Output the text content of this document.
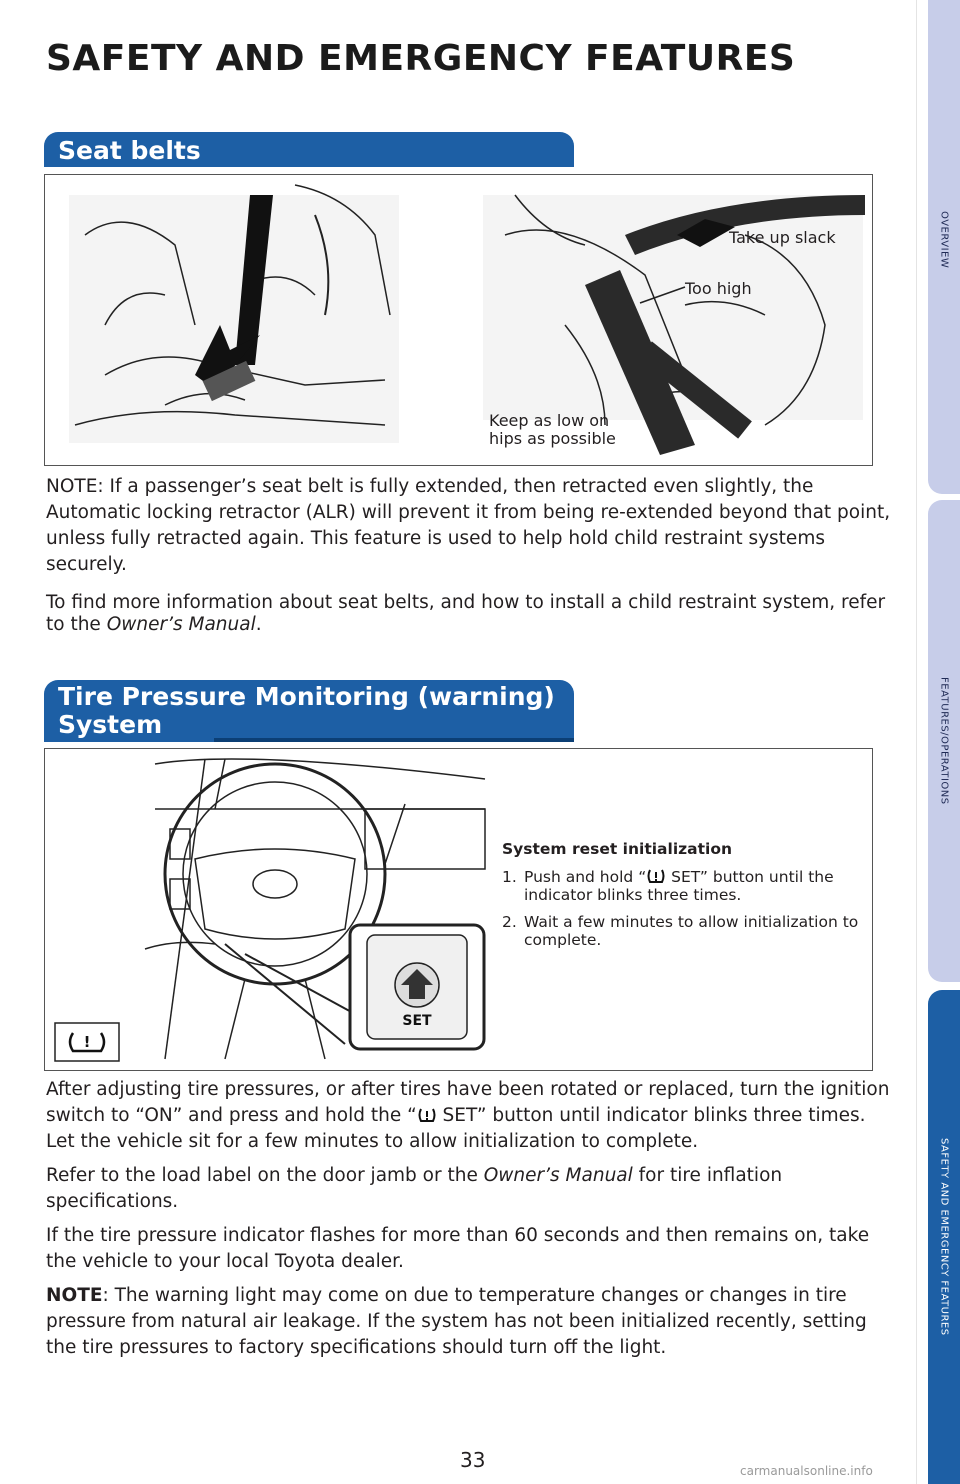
OVERVIEW
FEATURES/OPERATIONS
SAFETY AND EMERGENCY FEATURES
SAFETY AND EMERGENCY FEATURES
Seat belts
Take up slack
Too high
Keep as low on
hips as possible

NOTE: If a passenger’s seat belt is fully extended, then retracted even slightly, the Automatic locking retractor (ALR) will prevent it from being re-extended beyond that point, unless fully retracted again. This feature is used to help hold child restraint systems securely.

To find more information about seat belts, and how to install a child restraint system, refer to the Owner’s Manual.

Tire Pressure Monitoring (warning)
System
SET
!
System reset initialization
1. Push and hold “ SET” button until the indicator blinks three times.
2. Wait a few minutes to allow initialization to complete.

After adjusting tire pressures, or after tires have been rotated or replaced, turn the ignition switch to “ON” and press and hold the “ SET” button until indicator blinks three times. Let the vehicle sit for a few minutes to allow initialization to complete.

Refer to the load label on the door jamb or the Owner’s Manual for tire inflation specifications.

If the tire pressure indicator flashes for more than 60 seconds and then remains on, take the vehicle to your local Toyota dealer.

NOTE: The warning light may come on due to temperature changes or changes in tire pressure from natural air leakage. If the system has not been initialized recently, setting the tire pressures to factory specifications should turn off the light.

33	carmanualsonline.info
